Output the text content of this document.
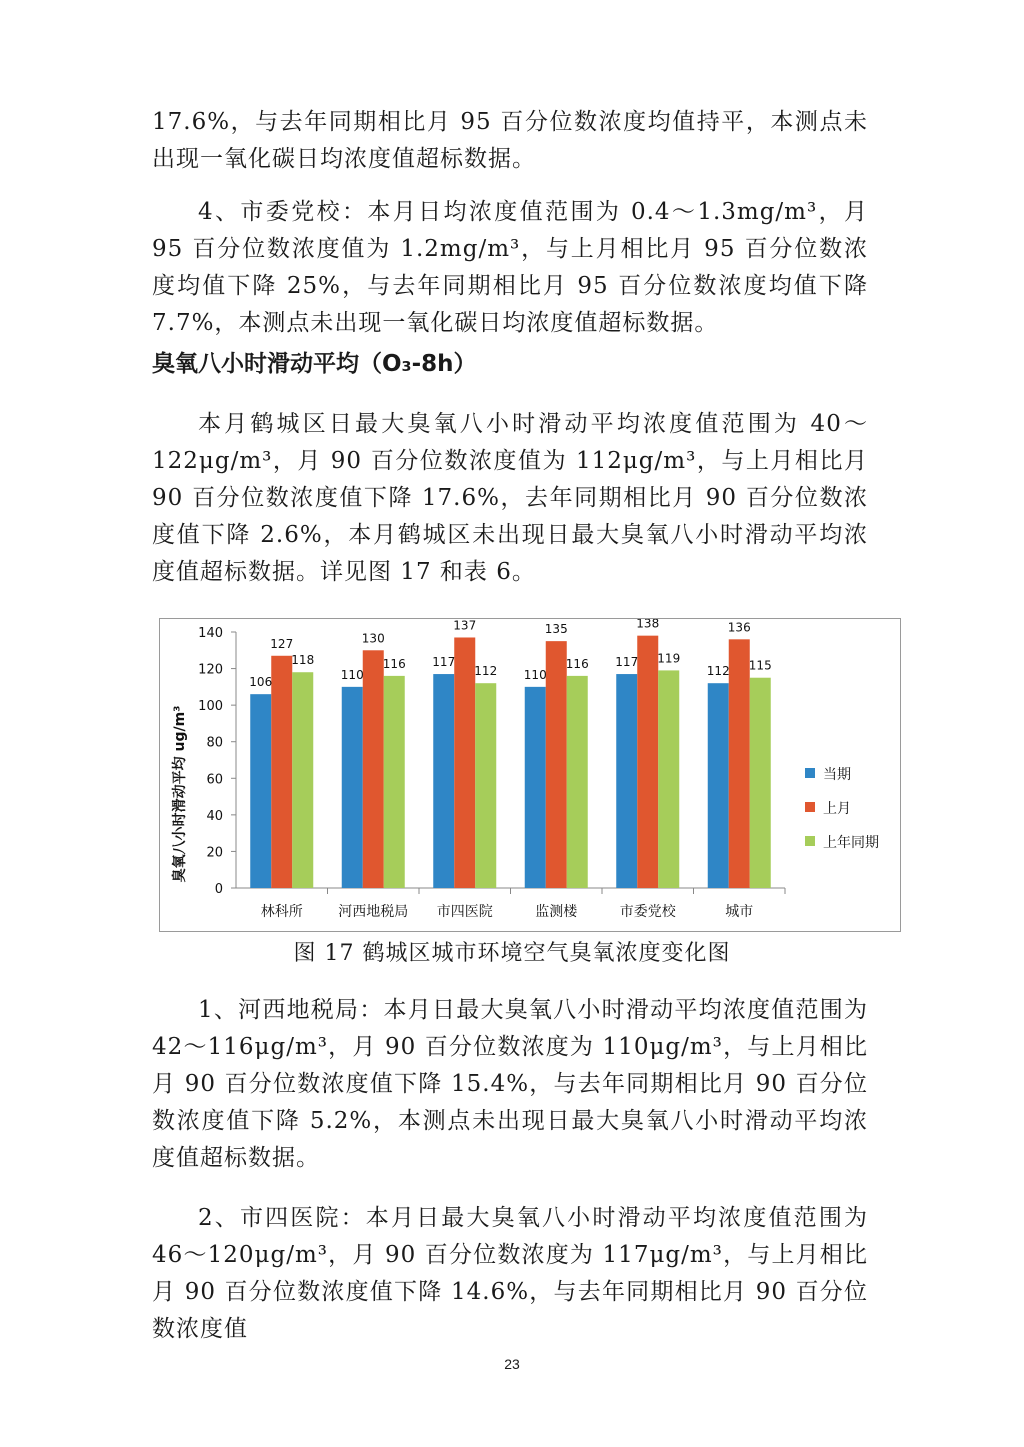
17.6%，与去年同期相比月 95 百分位数浓度均值持平，本测点未出现一氧化碳日均浓度值超标数据。
4、市委党校：本月日均浓度值范围为 0.4～1.3mg/m³，月 95 百分位数浓度值为 1.2mg/m³，与上月相比月 95 百分位数浓度均值下降 25%，与去年同期相比月 95 百分位数浓度均值下降 7.7%，本测点未出现一氧化碳日均浓度值超标数据。
臭氧八小时滑动平均（O₃-8h）
本月鹤城区日最大臭氧八小时滑动平均浓度值范围为 40～122μg/m³，月 90 百分位数浓度值为 112μg/m³，与上月相比月 90 百分位数浓度值下降 17.6%，去年同期相比月 90 百分位数浓度值下降 2.6%，本月鹤城区未出现日最大臭氧八小时滑动平均浓度值超标数据。详见图 17 和表 6。
0
20
40
60
80
100
120
140
林科所	河西地税局 市四医院	监测楼	市委党校	城市
106
127
118
110
130
116 117
137
112 110
135
116 117
138
119
112
136
115
当期
上月
上年同期
臭氧八小时滑动平均 ug/m³
图 17 鹤城区城市环境空气臭氧浓度变化图
1、河西地税局：本月日最大臭氧八小时滑动平均浓度值范围为 42～116μg/m³，月 90 百分位数浓度为 110μg/m³，与上月相比月 90 百分位数浓度值下降 15.4%，与去年同期相比月 90 百分位数浓度值下降 5.2%，本测点未出现日最大臭氧八小时滑动平均浓度值超标数据。
2、市四医院：本月日最大臭氧八小时滑动平均浓度值范围为 46～120μg/m³，月 90 百分位数浓度为 117μg/m³，与上月相比月 90 百分位数浓度值下降 14.6%，与去年同期相比月 90 百分位数浓度值
23
